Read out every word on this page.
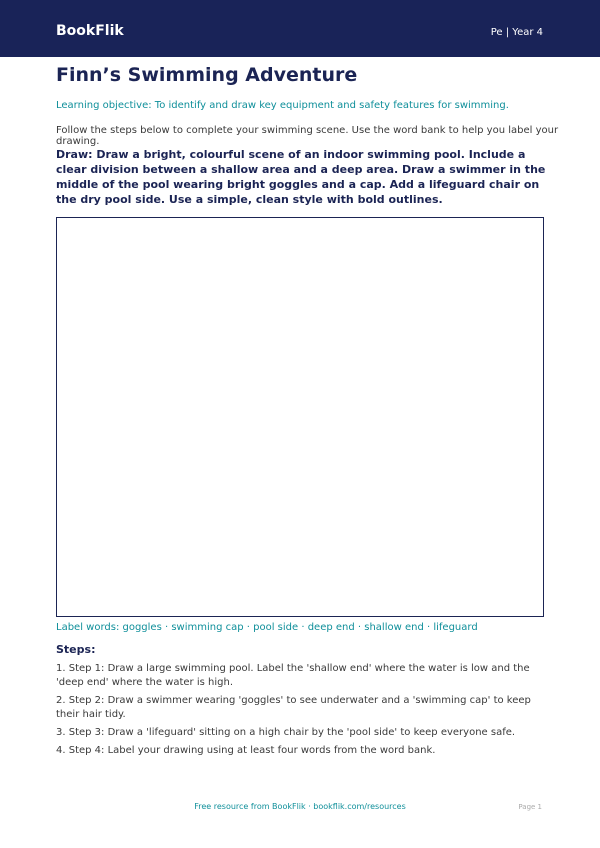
BookFlik	Pe | Year 4
Finn’s Swimming Adventure

Learning objective: To identify and draw key equipment and safety features for swimming.

Follow the steps below to complete your swimming scene. Use the word bank to help you label your drawing.

Draw: Draw a bright, colourful scene of an indoor swimming pool. Include a clear division between a shallow area and a deep area. Draw a swimmer in the middle of the pool wearing bright goggles and a cap. Add a lifeguard chair on the dry pool side. Use a simple, clean style with bold outlines.

Label words: goggles · swimming cap · pool side · deep end · shallow end · lifeguard

Steps:
1. Step 1: Draw a large swimming pool. Label the 'shallow end' where the water is low and the 'deep end' where the water is high.
2. Step 2: Draw a swimmer wearing 'goggles' to see underwater and a 'swimming cap' to keep their hair tidy.
3. Step 3: Draw a 'lifeguard' sitting on a high chair by the 'pool side' to keep everyone safe.
4. Step 4: Label your drawing using at least four words from the word bank.
Free resource from BookFlik · bookflik.com/resources	Page 1
